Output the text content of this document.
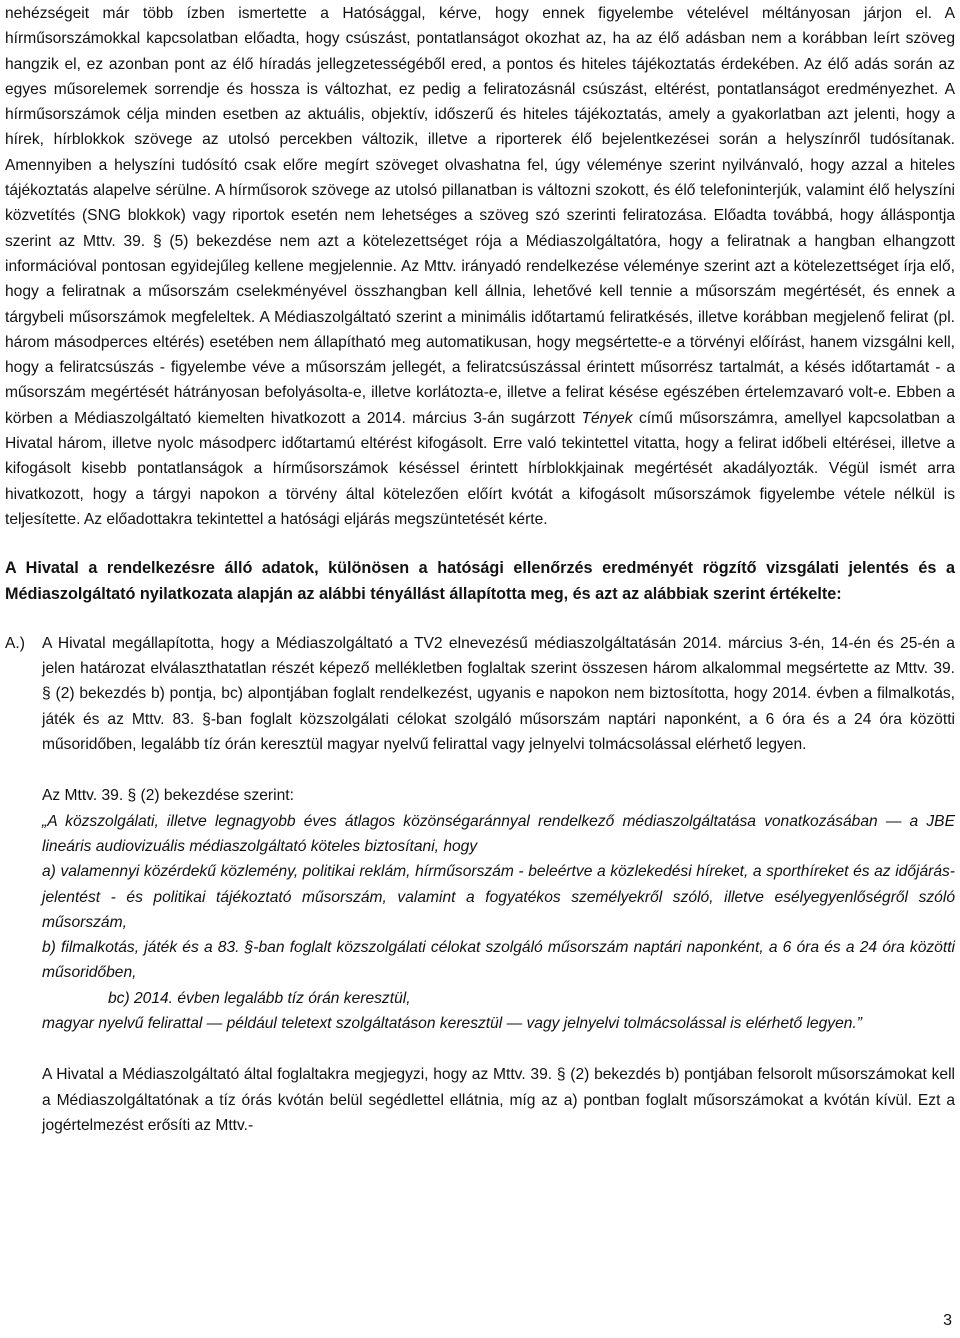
nehézségeit már több ízben ismertette a Hatósággal, kérve, hogy ennek figyelembe vételével méltányosan járjon el. A hírműsorszámokkal kapcsolatban előadta, hogy csúszást, pontatlanságot okozhat az, ha az élő adásban nem a korábban leírt szöveg hangzik el, ez azonban pont az élő híradás jellegzetességéből ered, a pontos és hiteles tájékoztatás érdekében. Az élő adás során az egyes műsorelemek sorrendje és hossza is változhat, ez pedig a feliratozásnál csúszást, eltérést, pontatlanságot eredményezhet. A hírműsorszámok célja minden esetben az aktuális, objektív, időszerű és hiteles tájékoztatás, amely a gyakorlatban azt jelenti, hogy a hírek, hírblokkok szövege az utolsó percekben változik, illetve a riporterek élő bejelentkezései során a helyszínről tudósítanak. Amennyiben a helyszíni tudósító csak előre megírt szöveget olvashatna fel, úgy véleménye szerint nyilvánvaló, hogy azzal a hiteles tájékoztatás alapelve sérülne. A hírműsorok szövege az utolsó pillanatban is változni szokott, és élő telefoninterjúk, valamint élő helyszíni közvetítés (SNG blokkok) vagy riportok esetén nem lehetséges a szöveg szó szerinti feliratozása. Előadta továbbá, hogy álláspontja szerint az Mttv. 39. § (5) bekezdése nem azt a kötelezettséget rója a Médiaszolgáltatóra, hogy a feliratnak a hangban elhangzott információval pontosan egyidejűleg kellene megjelennie. Az Mttv. irányadó rendelkezése véleménye szerint azt a kötelezettséget írja elő, hogy a feliratnak a műsorszám cselekményével összhangban kell állnia, lehetővé kell tennie a műsorszám megértését, és ennek a tárgybeli műsorszámok megfeleltek. A Médiaszolgáltató szerint a minimális időtartamú feliratkésés, illetve korábban megjelenő felirat (pl. három másodperces eltérés) esetében nem állapítható meg automatikusan, hogy megsértette-e a törvényi előírást, hanem vizsgálni kell, hogy a feliratcsúszás - figyelembe véve a műsorszám jellegét, a feliratcsúszással érintett műsorrész tartalmát, a késés időtartamát - a műsorszám megértését hátrányosan befolyásolta-e, illetve korlátozta-e, illetve a felirat késése egészében értelemzavaró volt-e. Ebben a körben a Médiaszolgáltató kiemelten hivatkozott a 2014. március 3-án sugárzott Tények című műsorszámra, amellyel kapcsolatban a Hivatal három, illetve nyolc másodperc időtartamú eltérést kifogásolt. Erre való tekintettel vitatta, hogy a felirat időbeli eltérései, illetve a kifogásolt kisebb pontatlanságok a hírműsorszámok késéssel érintett hírblokkjainak megértését akadályozták. Végül ismét arra hivatkozott, hogy a tárgyi napokon a törvény által kötelezően előírt kvótát a kifogásolt műsorszámok figyelembe vétele nélkül is teljesítette. Az előadottakra tekintettel a hatósági eljárás megszüntetését kérte.

A Hivatal a rendelkezésre álló adatok, különösen a hatósági ellenőrzés eredményét rögzítő vizsgálati jelentés és a Médiaszolgáltató nyilatkozata alapján az alábbi tényállást állapította meg, és azt az alábbiak szerint értékelte:

A.)	A Hivatal megállapította, hogy a Médiaszolgáltató a TV2 elnevezésű médiaszolgáltatásán 2014. március 3-én, 14-én és 25-én a jelen határozat elválaszthatatlan részét képező mellékletben foglaltak szerint összesen három alkalommal megsértette az Mttv. 39. § (2) bekezdés b) pontja, bc) alpontjában foglalt rendelkezést, ugyanis e napokon nem biztosította, hogy 2014. évben a filmalkotás, játék és az Mttv. 83. §-ban foglalt közszolgálati célokat szolgáló műsorszám naptári naponként, a 6 óra és a 24 óra közötti műsoridőben, legalább tíz órán keresztül magyar nyelvű felirattal vagy jelnyelvi tolmácsolással elérhető legyen.

Az Mttv. 39. § (2) bekezdése szerint:

„A közszolgálati, illetve legnagyobb éves átlagos közönségaránnyal rendelkező médiaszolgáltatása vonatkozásában — a JBE lineáris audiovizuális médiaszolgáltató köteles biztosítani, hogy

a) valamennyi közérdekű közlemény, politikai reklám, hírműsorszám - beleértve a közlekedési híreket, a sporthíreket és az időjárás-jelentést - és politikai tájékoztató műsorszám, valamint a fogyatékos személyekről szóló, illetve esélyegyenlőségről szóló műsorszám,

b) filmalkotás, játék és a 83. §-ban foglalt közszolgálati célokat szolgáló műsorszám naptári naponként, a 6 óra és a 24 óra közötti műsoridőben,

bc) 2014. évben legalább tíz órán keresztül,

magyar nyelvű felirattal — például teletext szolgáltatáson keresztül — vagy jelnyelvi tolmácsolással is elérhető legyen.”

A Hivatal a Médiaszolgáltató által foglaltakra megjegyzi, hogy az Mttv. 39. § (2) bekezdés b) pontjában felsorolt műsorszámokat kell a Médiaszolgáltatónak a tíz órás kvótán belül segédlettel ellátnia, míg az a) pontban foglalt műsorszámokat a kvótán kívül. Ezt a jogértelmezést erősíti az Mttv.-

3
